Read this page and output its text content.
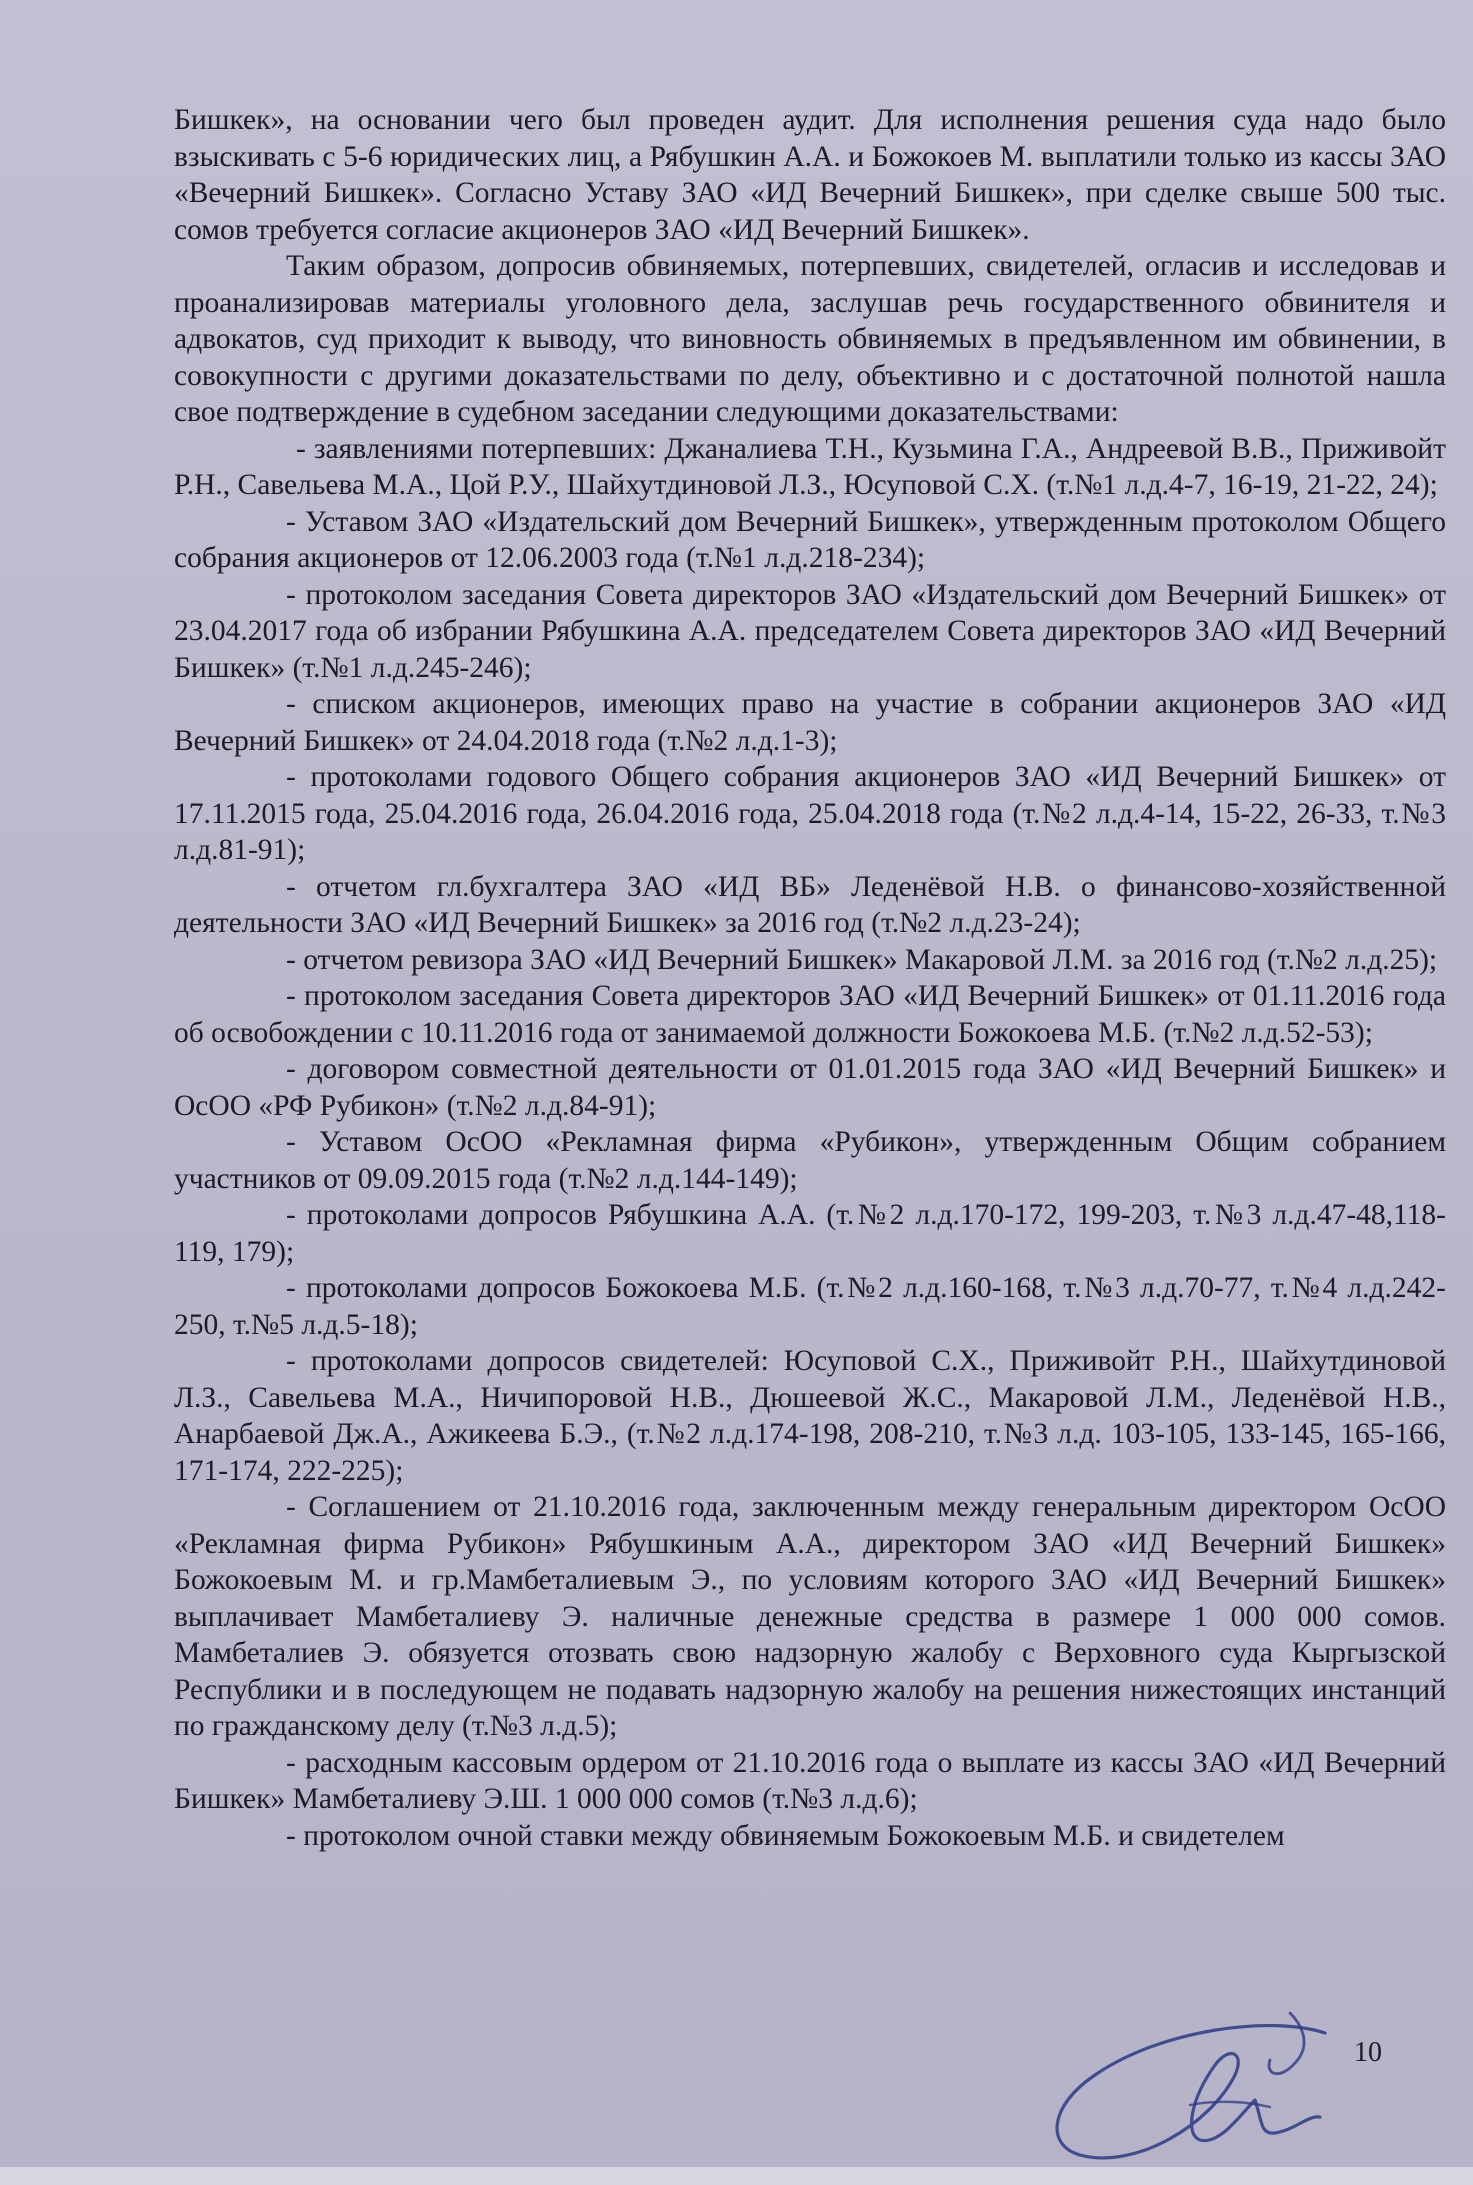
Бишкек», на основании чего был проведен аудит. Для исполнения решения суда надо было взыскивать с 5-6 юридических лиц, а Рябушкин А.А. и Божокоев М. выплатили только из кассы ЗАО «Вечерний Бишкек». Согласно Уставу ЗАО «ИД Вечерний Бишкек», при сделке свыше 500 тыс. сомов требуется согласие акционеров ЗАО «ИД Вечерний Бишкек».

Таким образом, допросив обвиняемых, потерпевших, свидетелей, огласив и исследовав и проанализировав материалы уголовного дела, заслушав речь государственного обвинителя и адвокатов, суд приходит к выводу, что виновность обвиняемых в предъявленном им обвинении, в совокупности с другими доказательствами по делу, объективно и с достаточной полнотой нашла свое подтверждение в судебном заседании следующими доказательствами:

- заявлениями потерпевших: Джаналиева Т.Н., Кузьмина Г.А., Андреевой В.В., Приживойт Р.Н., Савельева М.А., Цой Р.У., Шайхутдиновой Л.З., Юсуповой С.Х. (т.№1 л.д.4-7, 16-19, 21-22, 24);

- Уставом ЗАО «Издательский дом Вечерний Бишкек», утвержденным протоколом Общего собрания акционеров от 12.06.2003 года (т.№1 л.д.218-234);

- протоколом заседания Совета директоров ЗАО «Издательский дом Вечерний Бишкек» от 23.04.2017 года об избрании Рябушкина А.А. председателем Совета директоров ЗАО «ИД Вечерний Бишкек» (т.№1 л.д.245-246);

- списком акционеров, имеющих право на участие в собрании акционеров ЗАО «ИД Вечерний Бишкек» от 24.04.2018 года (т.№2 л.д.1-3);

- протоколами годового Общего собрания акционеров ЗАО «ИД Вечерний Бишкек» от 17.11.2015 года, 25.04.2016 года, 26.04.2016 года, 25.04.2018 года (т.№2 л.д.4-14, 15-22, 26-33, т.№3 л.д.81-91);

- отчетом гл.бухгалтера ЗАО «ИД ВБ» Леденёвой Н.В. о финансово-хозяйственной деятельности ЗАО «ИД Вечерний Бишкек» за 2016 год (т.№2 л.д.23-24);

- отчетом ревизора ЗАО «ИД Вечерний Бишкек» Макаровой Л.М. за 2016 год (т.№2 л.д.25);

- протоколом заседания Совета директоров ЗАО «ИД Вечерний Бишкек» от 01.11.2016 года об освобождении с 10.11.2016 года от занимаемой должности Божокоева М.Б. (т.№2 л.д.52-53);

- договором совместной деятельности от 01.01.2015 года ЗАО «ИД Вечерний Бишкек» и ОсОО «РФ Рубикон» (т.№2 л.д.84-91);

- Уставом ОсОО «Рекламная фирма «Рубикон», утвержденным Общим собранием участников от 09.09.2015 года (т.№2 л.д.144-149);

- протоколами допросов Рябушкина А.А. (т.№2 л.д.170-172, 199-203, т.№3 л.д.47-48,118-119, 179);

- протоколами допросов Божокоева М.Б. (т.№2 л.д.160-168, т.№3 л.д.70-77, т.№4 л.д.242-250, т.№5 л.д.5-18);

- протоколами допросов свидетелей: Юсуповой С.Х., Приживойт Р.Н., Шайхутдиновой Л.З., Савельева М.А., Ничипоровой Н.В., Дюшеевой Ж.С., Макаровой Л.М., Леденёвой Н.В., Анарбаевой Дж.А., Ажикеева Б.Э., (т.№2 л.д.174-198, 208-210, т.№3 л.д. 103-105, 133-145, 165-166, 171-174, 222-225);

- Соглашением от 21.10.2016 года, заключенным между генеральным директором ОсОО «Рекламная фирма Рубикон» Рябушкиным А.А., директором ЗАО «ИД Вечерний Бишкек» Божокоевым М. и гр.Мамбеталиевым Э., по условиям которого ЗАО «ИД Вечерний Бишкек» выплачивает Мамбеталиеву Э. наличные денежные средства в размере 1 000 000 сомов. Мамбеталиев Э. обязуется отозвать свою надзорную жалобу с Верховного суда Кыргызской Республики и в последующем не подавать надзорную жалобу на решения нижестоящих инстанций по гражданскому делу (т.№3 л.д.5);

- расходным кассовым ордером от 21.10.2016 года о выплате из кассы ЗАО «ИД Вечерний Бишкек» Мамбеталиеву Э.Ш. 1 000 000 сомов (т.№3 л.д.6);

- протоколом очной ставки между обвиняемым Божокоевым М.Б. и свидетелем

10
